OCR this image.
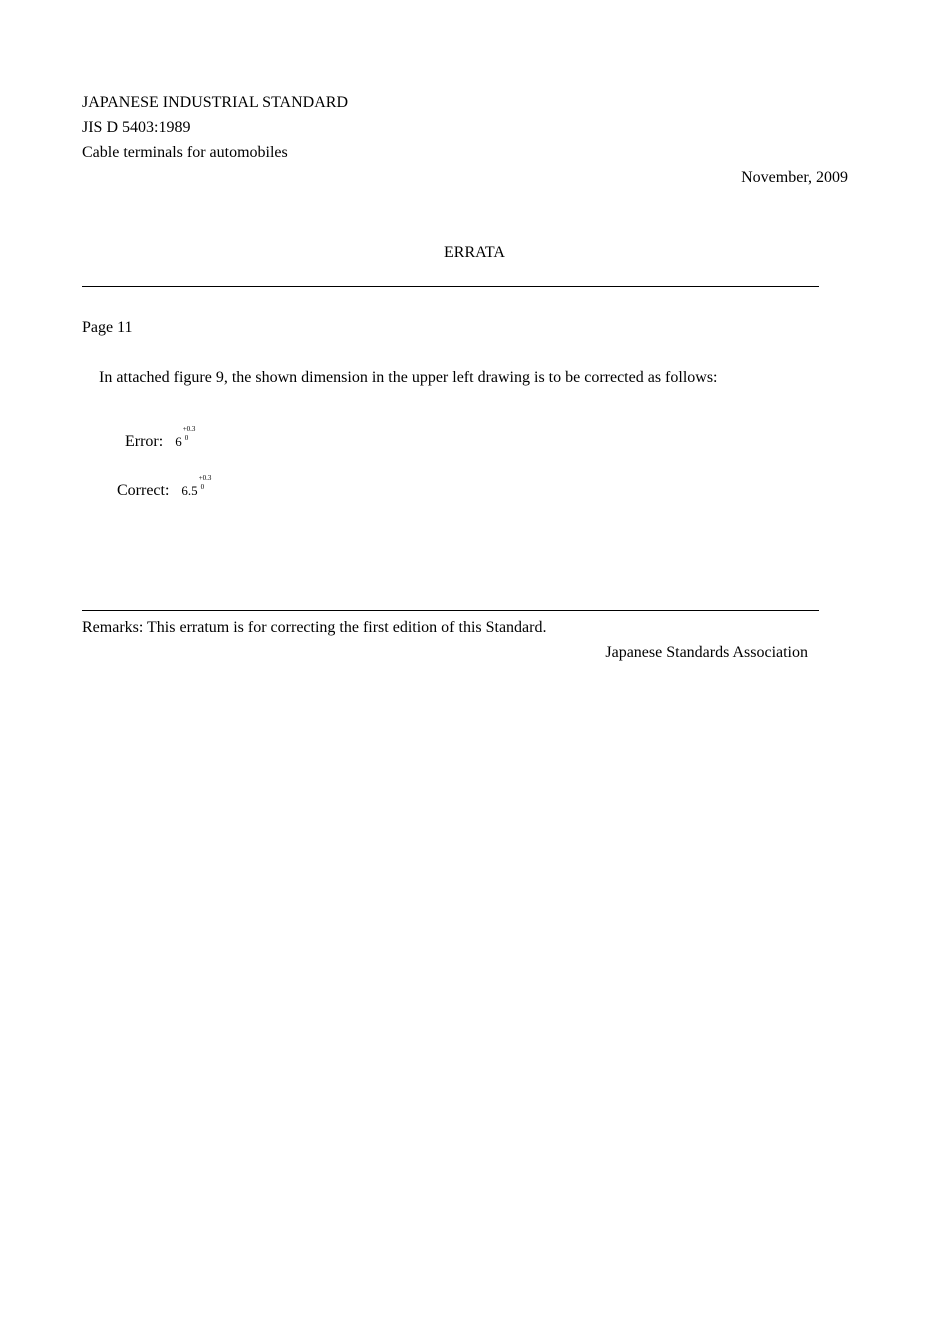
JAPANESE INDUSTRIAL STANDARD
JIS D 5403:1989
Cable terminals for automobiles
November, 2009
ERRATA
Page 11
In attached figure 9, the shown dimension in the upper left drawing is to be corrected as follows:
Error: 6
+0.3
0
Correct: 6.5
+0.3
0
Remarks: This erratum is for correcting the first edition of this Standard.
Japanese Standards Association
